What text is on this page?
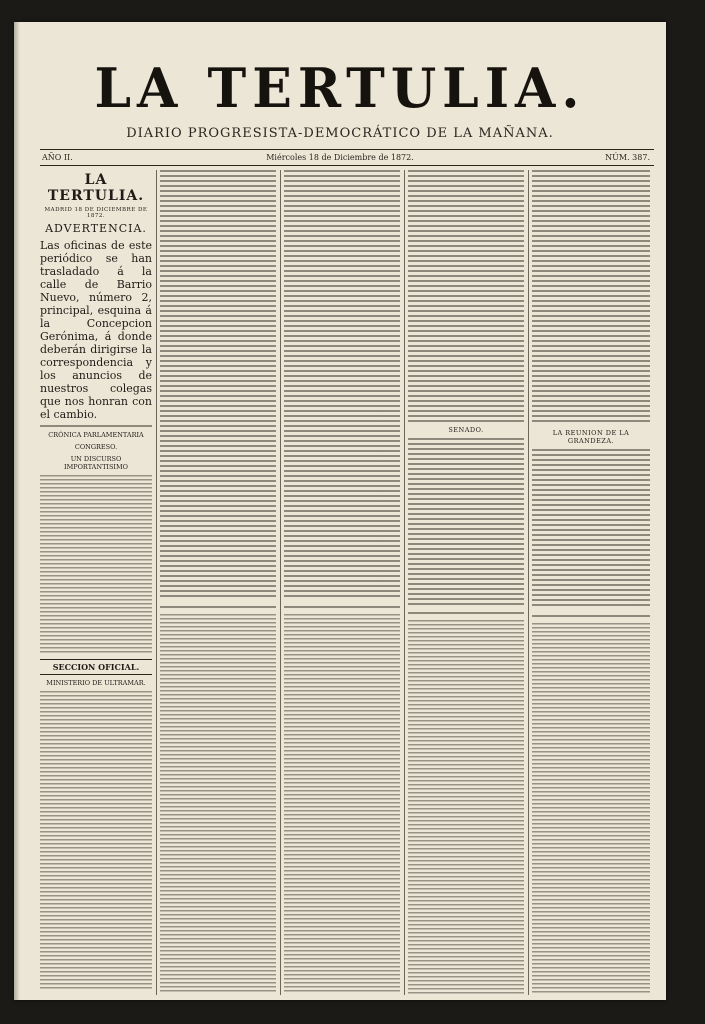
LA TERTULIA.
DIARIO PROGRESISTA-DEMOCRÁTICO DE LA MAÑANA.
AÑO II.	Miércoles 18 de Diciembre de 1872.	NÚM. 387.
LA TERTULIA.
MADRID 18 DE DICIEMBRE DE 1872.
ADVERTENCIA.
Las oficinas de este periódico se han trasladado á la calle de Barrio Nuevo, número 2, principal, esquina á la Concepcion Gerónima, á donde deberán dirigirse la correspondencia y los anuncios de nuestros colegas que nos honran con el cambio.
CRÓNICA PARLAMENTARIA
CONGRESO.
UN DISCURSO IMPORTANTISIMO
SECCION OFICIAL.
MINISTERIO DE ULTRAMAR.
SENADO.	LA REUNION DE LA GRANDEZA.
